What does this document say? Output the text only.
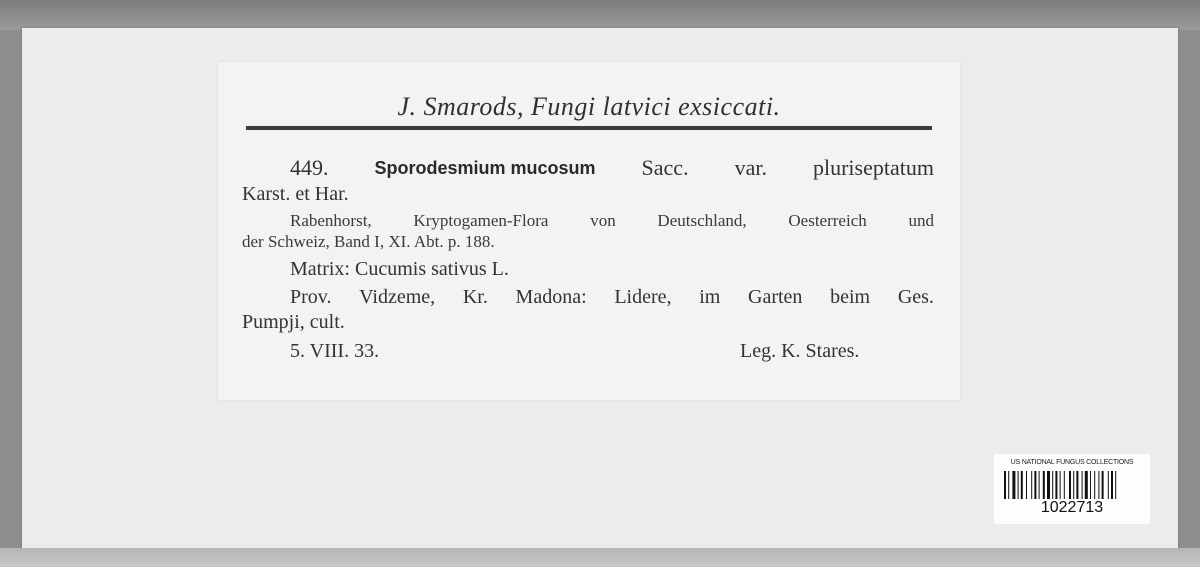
J. Smarods, Fungi latvici exsiccati.
449.	Sporodesmium mucosum Sacc. var. pluriseptatum
Karst. et Har.
Rabenhorst, Kryptogamen-Flora von Deutschland, Oesterreich und
der Schweiz, Band I, XI. Abt. p. 188.
Matrix: Cucumis sativus L.
Prov. Vidzeme, Kr. Madona: Lidere, im Garten beim Ges.
Pumpji, cult.
5. VIII. 33.	Leg. K. Stares.
US NATIONAL FUNGUS COLLECTIONS
1022713
